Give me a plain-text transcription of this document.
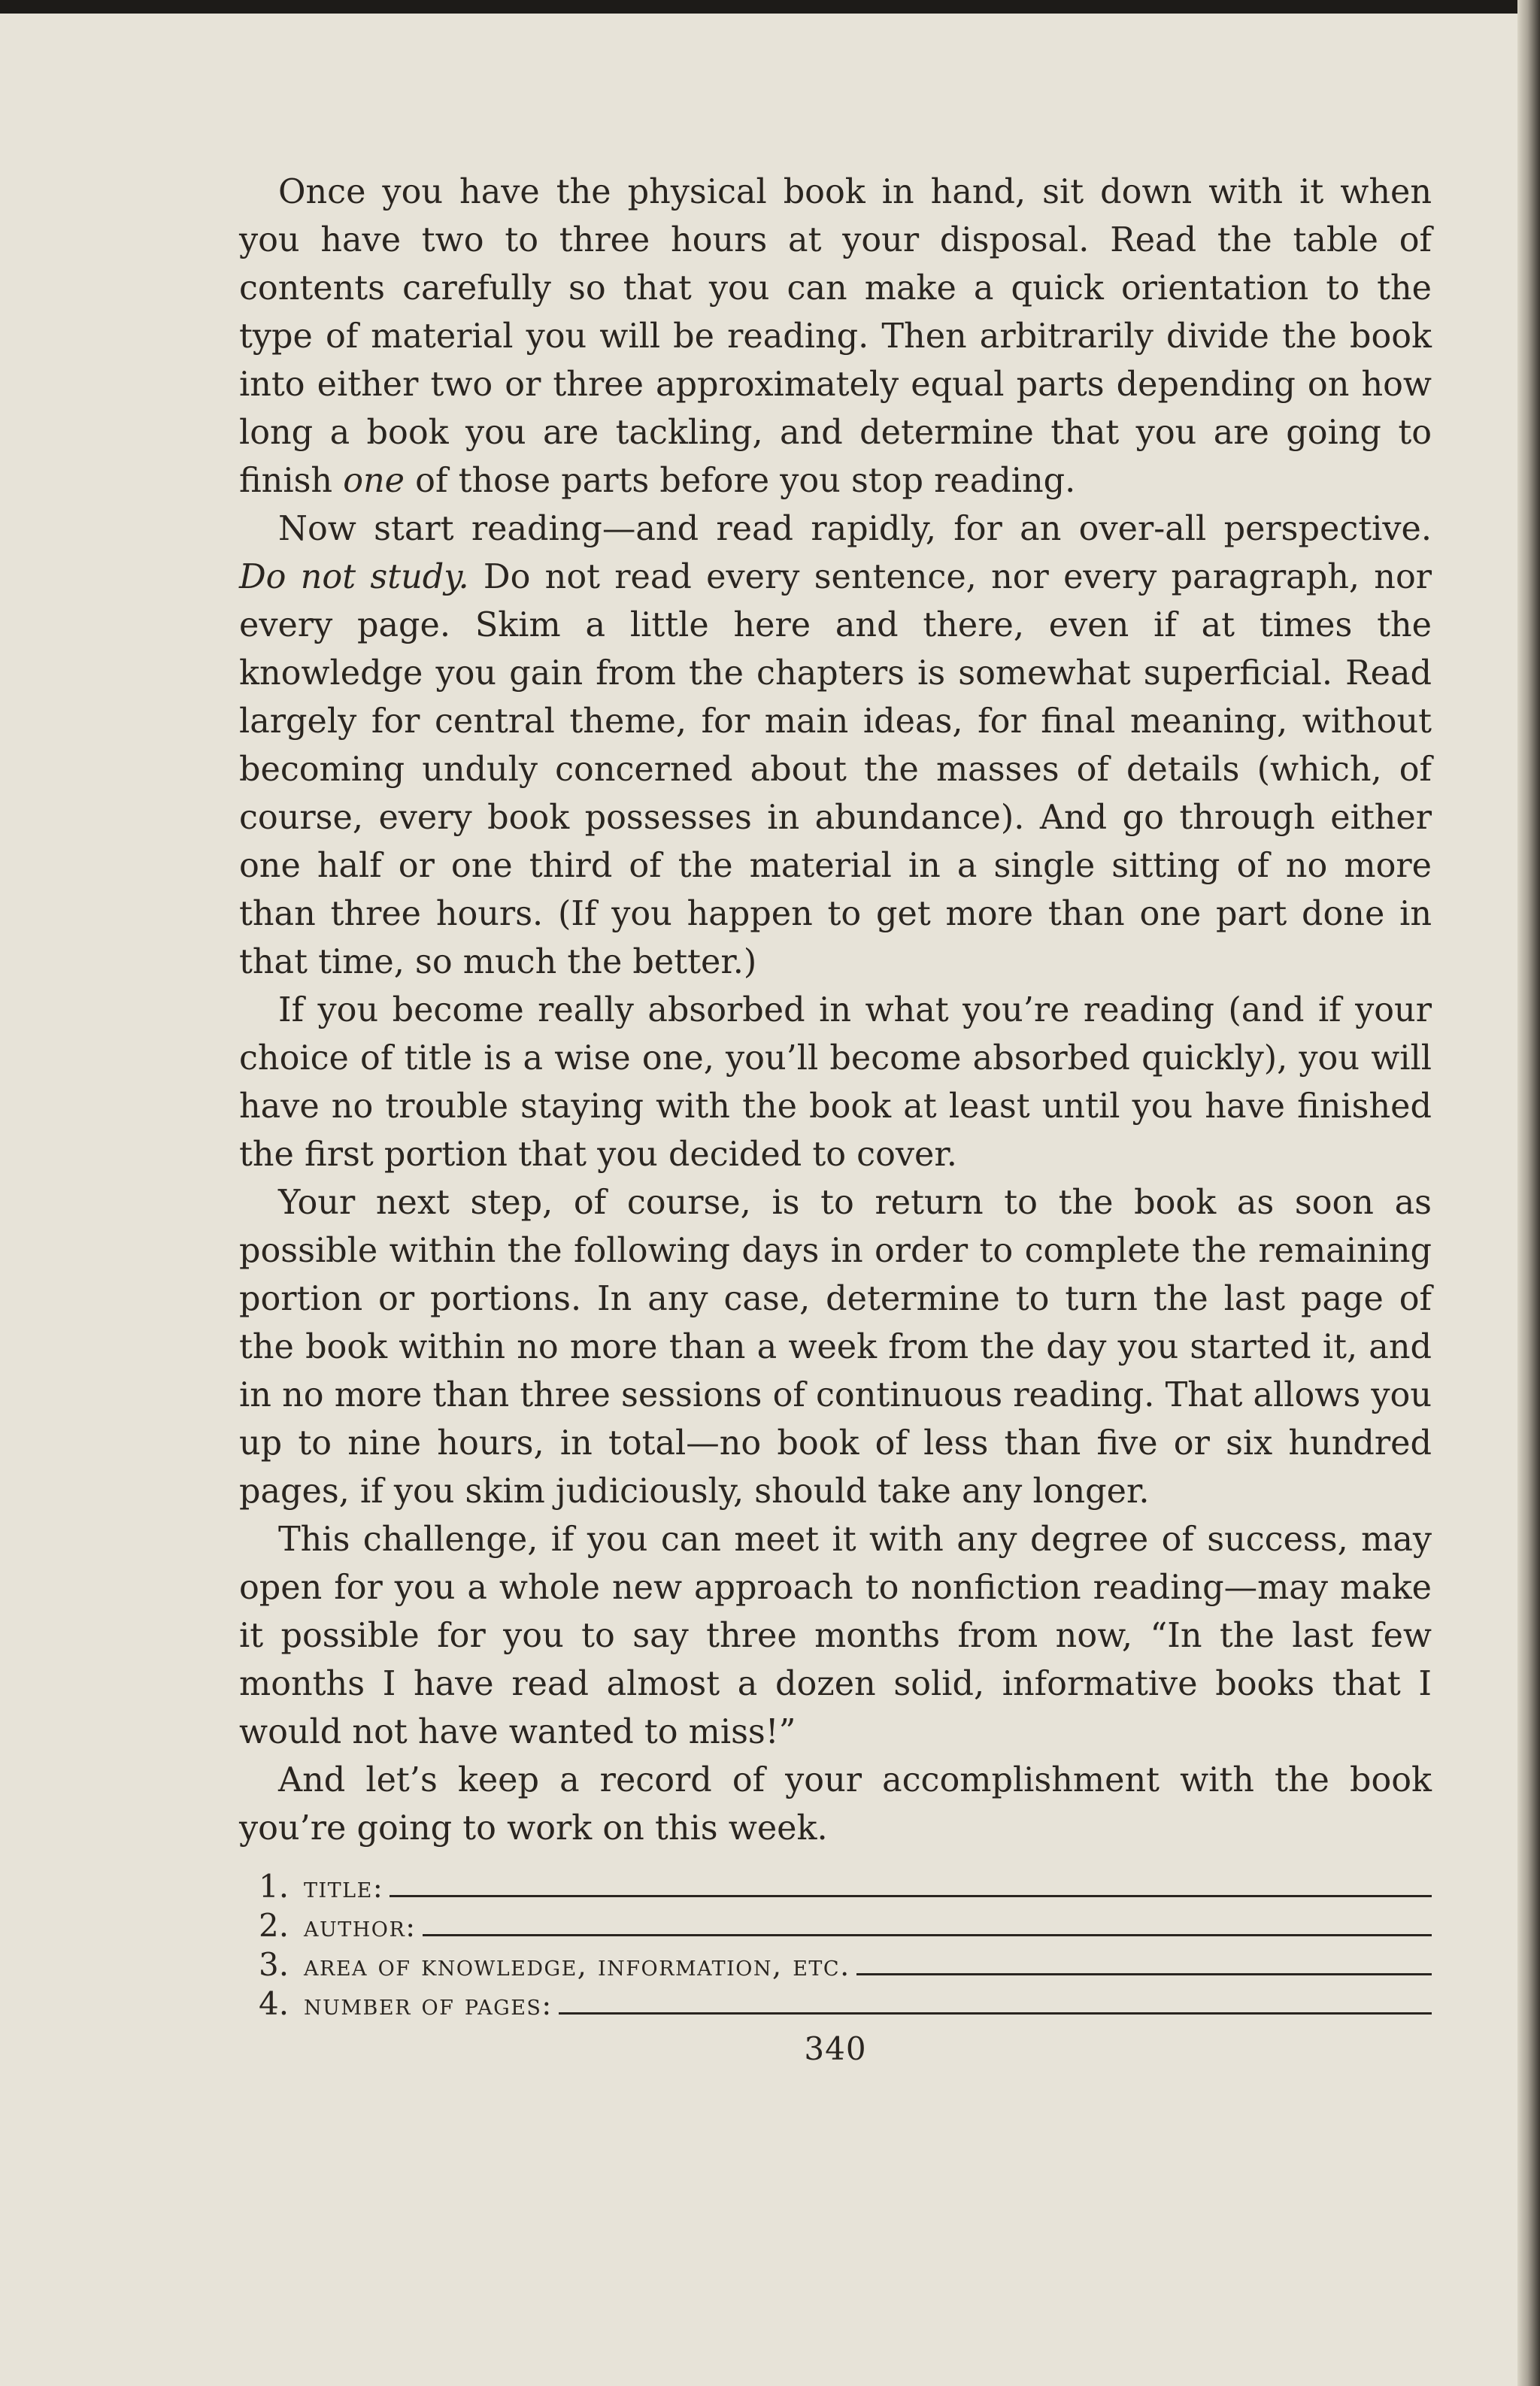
Once you have the physical book in hand, sit down with it when you have two to three hours at your disposal. Read the table of contents carefully so that you can make a quick orientation to the type of material you will be reading. Then arbitrarily divide the book into either two or three approximately equal parts depending on how long a book you are tackling, and determine that you are going to finish one of those parts before you stop reading.

Now start reading—and read rapidly, for an over-all perspective. Do not study. Do not read every sentence, nor every paragraph, nor every page. Skim a little here and there, even if at times the knowledge you gain from the chapters is somewhat superficial. Read largely for central theme, for main ideas, for final meaning, without becoming unduly concerned about the masses of details (which, of course, every book possesses in abundance). And go through either one half or one third of the material in a single sitting of no more than three hours. (If you happen to get more than one part done in that time, so much the better.)

If you become really absorbed in what you’re reading (and if your choice of title is a wise one, you’ll become absorbed quickly), you will have no trouble staying with the book at least until you have finished the first portion that you decided to cover.

Your next step, of course, is to return to the book as soon as possible within the following days in order to complete the remaining portion or portions. In any case, determine to turn the last page of the book within no more than a week from the day you started it, and in no more than three sessions of continuous reading. That allows you up to nine hours, in total—no book of less than five or six hundred pages, if you skim judiciously, should take any longer.

This challenge, if you can meet it with any degree of success, may open for you a whole new approach to nonfiction reading—may make it possible for you to say three months from now, “In the last few months I have read almost a dozen solid, informative books that I would not have wanted to miss!”

And let’s keep a record of your accomplishment with the book you’re going to work on this week.

1. title:
2. author:
3. area of knowledge, information, etc.
4. number of pages:
340
